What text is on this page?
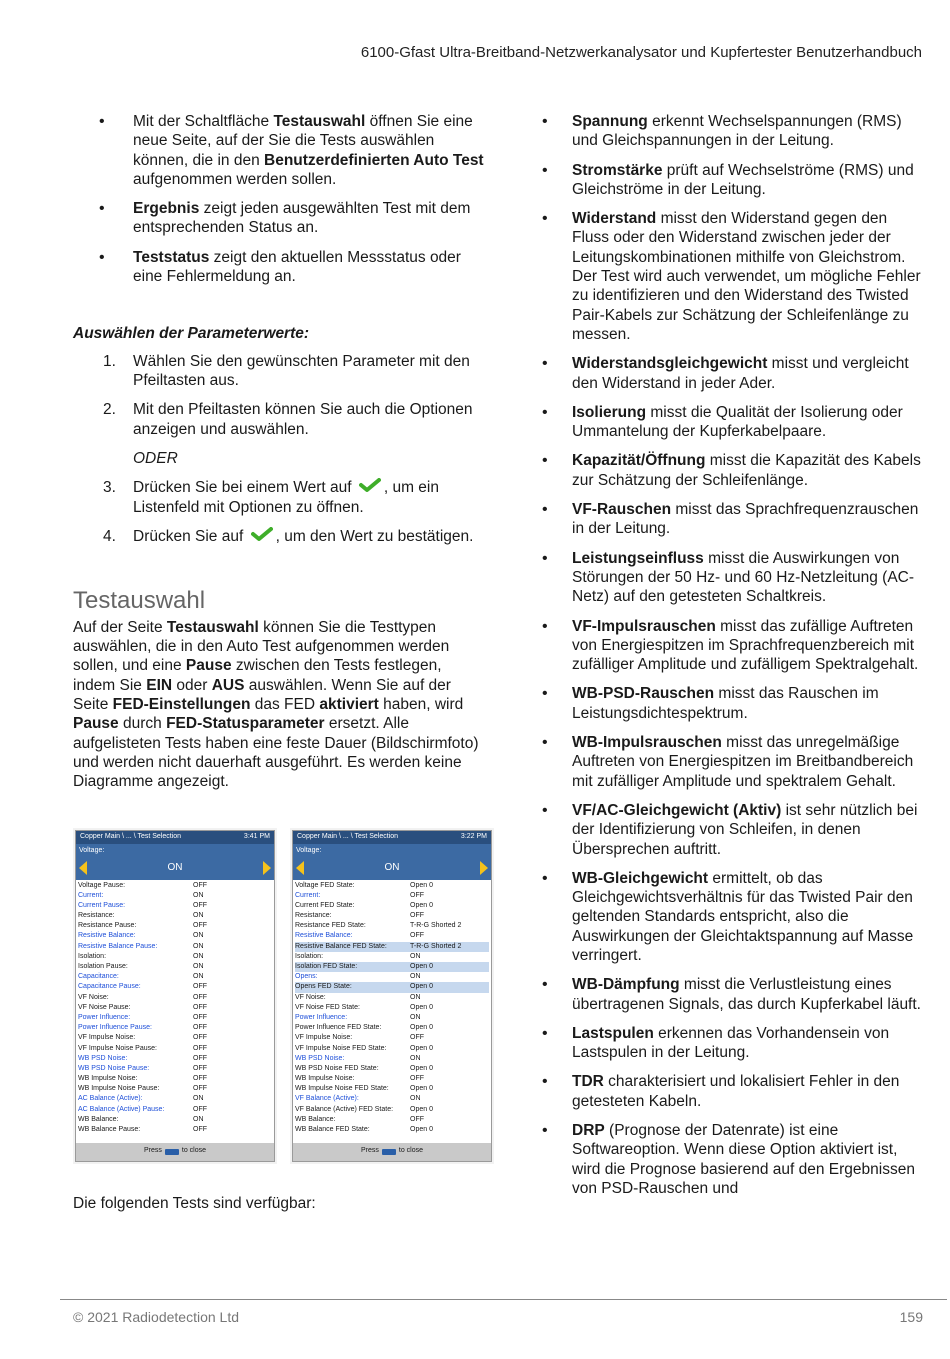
6100-Gfast Ultra-Breitband-Netzwerkanalysator und Kupfertester Benutzerhandbuch
• Mit der Schaltfläche Testauswahl öffnen Sie eine neue Seite, auf der Sie die Tests auswählen können, die in den Benutzerdefinierten Auto Test aufgenommen werden sollen.
• Ergebnis zeigt jeden ausgewählten Test mit dem entsprechenden Status an.
• Teststatus zeigt den aktuellen Messstatus oder eine Fehlermeldung an.
Auswählen der Parameterwerte:
1. Wählen Sie den gewünschten Parameter mit den Pfeiltasten aus.
2. Mit den Pfeiltasten können Sie auch die Optionen anzeigen und auswählen.
ODER
3. Drücken Sie bei einem Wert auf , um ein Listenfeld mit Optionen zu öffnen.
4. Drücken Sie auf , um den Wert zu bestätigen.
Testauswahl

Auf der Seite Testauswahl können Sie die Testtypen auswählen, die in den Auto Test aufgenommen werden sollen, und eine Pause zwischen den Tests festlegen, indem Sie EIN oder AUS auswählen. Wenn Sie auf der Seite FED-Einstellungen das FED aktiviert haben, wird Pause durch FED-Statusparameter ersetzt. Alle aufgelisteten Tests haben eine feste Dauer (Bildschirmfoto) und werden nicht dauerhaft ausgeführt. Es werden keine Diagramme angezeigt.

Copper Main \ ... \ Test Selection	3:41 PM
Voltage:
ON
Voltage Pause:	OFF
Current:	ON
Current Pause:	OFF
Resistance:	ON
Resistance Pause:	OFF
Resistive Balance:	ON
Resistive Balance Pause:	ON
Isolation:	ON
Isolation Pause:	ON
Capacitance:	ON
Capacitance Pause:	OFF
VF Noise:	OFF
VF Noise Pause:	OFF
Power Influence:	OFF
Power Influence Pause:	OFF
VF Impulse Noise:	OFF
VF Impulse Noise Pause:	OFF
WB PSD Noise:	OFF
WB PSD Noise Pause:	OFF
WB Impulse Noise:	OFF
WB Impulse Noise Pause:	OFF
AC Balance (Active):	ON
AC Balance (Active) Pause:	OFF
WB Balance:	ON
WB Balance Pause:	OFF
Press	to close
Copper Main \ ... \ Test Selection	3:22 PM
Voltage:
ON
Voltage FED State:	Open 0
Current:	OFF
Current FED State:	Open 0
Resistance:	OFF
Resistance FED State:	T-R-G Shorted 2
Resistive Balance:	OFF
Resistive Balance FED State:	T-R-G Shorted 2
Isolation:	ON
Isolation FED State:	Open 0
Opens:	ON
Opens FED State:	Open 0
VF Noise:	ON
VF Noise FED State:	Open 0
Power Influence:	ON
Power Influence FED State:	Open 0
VF Impulse Noise:	OFF
VF Impulse Noise FED State:	Open 0
WB PSD Noise:	ON
WB PSD Noise FED State:	Open 0
WB Impulse Noise:	OFF
WB Impulse Noise FED State:	Open 0
VF Balance (Active):	ON
VF Balance (Active) FED State:	Open 0
WB Balance:	OFF
WB Balance FED State:	Open 0
Press	to close

Die folgenden Tests sind verfügbar:

• Spannung erkennt Wechselspannungen (RMS) und Gleichspannungen in der Leitung.
• Stromstärke prüft auf Wechselströme (RMS) und Gleichströme in der Leitung.
• Widerstand misst den Widerstand gegen den Fluss oder den Widerstand zwischen jeder der Leitungskombinationen mithilfe von Gleichstrom. Der Test wird auch verwendet, um mögliche Fehler zu identifizieren und den Widerstand des Twisted Pair-Kabels zur Schätzung der Schleifenlänge zu messen.
• Widerstandsgleichgewicht misst und vergleicht den Widerstand in jeder Ader.
• Isolierung misst die Qualität der Isolierung oder Ummantelung der Kupferkabelpaare.
• Kapazität/Öffnung misst die Kapazität des Kabels zur Schätzung der Schleifenlänge.
• VF-Rauschen misst das Sprachfrequenzrauschen in der Leitung.
• Leistungseinfluss misst die Auswirkungen von Störungen der 50 Hz- und 60 Hz-Netzleitung (AC-Netz) auf den getesteten Schaltkreis.
• VF-Impulsrauschen misst das zufällige Auftreten von Energiespitzen im Sprachfrequenzbereich mit zufälliger Amplitude und zufälligem Spektralgehalt.
• WB-PSD-Rauschen misst das Rauschen im Leistungsdichtespektrum.
• WB-Impulsrauschen misst das unregelmäßige Auftreten von Energiespitzen im Breitbandbereich mit zufälliger Amplitude und spektralem Gehalt.
• VF/AC-Gleichgewicht (Aktiv) ist sehr nützlich bei der Identifizierung von Schleifen, in denen Übersprechen auftritt.
• WB-Gleichgewicht ermittelt, ob das Gleichgewichtsverhältnis für das Twisted Pair den geltenden Standards entspricht, also die Auswirkungen der Gleichtaktspannung auf Masse verringert.
• WB-Dämpfung misst die Verlustleistung eines übertragenen Signals, das durch Kupferkabel läuft.
• Lastspulen erkennen das Vorhandensein von Lastspulen in der Leitung.
• TDR charakterisiert und lokalisiert Fehler in den getesteten Kabeln.
• DRP (Prognose der Datenrate) ist eine Softwareoption. Wenn diese Option aktiviert ist, wird die Prognose basierend auf den Ergebnissen von PSD-Rauschen und
© 2021 Radiodetection Ltd	159
